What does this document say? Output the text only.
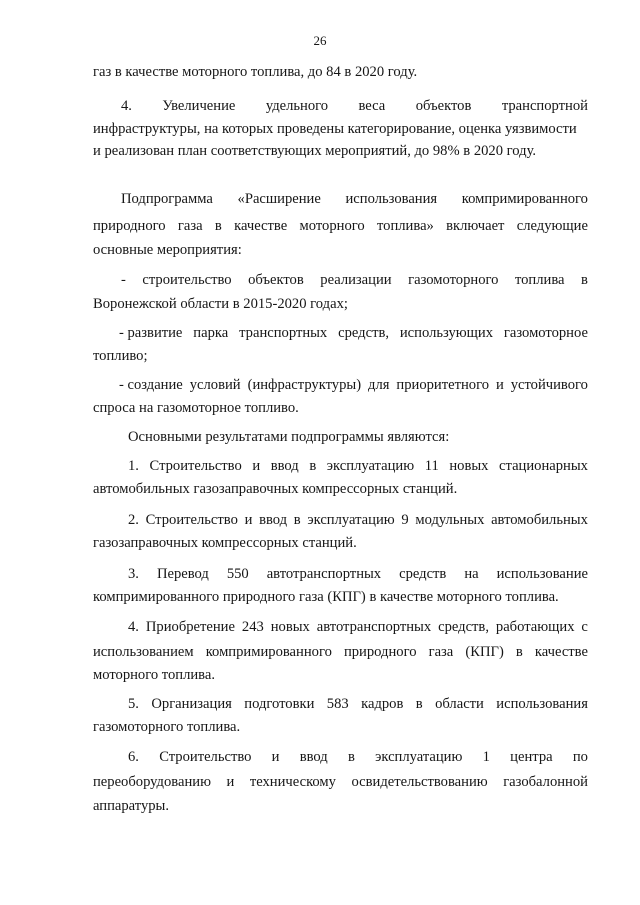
26
газ в качестве моторного топлива, до 84 в 2020 году.
4. Увеличение удельного веса объектов транспортной
инфраструктуры, на которых проведены категорирование, оценка уязвимости
и реализован план соответствующих мероприятий, до 98% в 2020 году.
Подпрограмма «Расширение использования компримированного
природного газа в качестве моторного топлива» включает следующие
основные мероприятия:
- строительство объектов реализации газомоторного топлива в
Воронежской области в 2015-2020 годах;
- развитие парка транспортных средств, использующих газомоторное
топливо;
- создание условий (инфраструктуры) для приоритетного и устойчивого
спроса на газомоторное топливо.
Основными результатами подпрограммы являются:
1. Строительство и ввод в эксплуатацию 11 новых стационарных
автомобильных газозаправочных компрессорных станций.
2. Строительство и ввод в эксплуатацию 9 модульных автомобильных
газозаправочных компрессорных станций.
3. Перевод 550 автотранспортных средств на использование
компримированного природного газа (КПГ) в качестве моторного топлива.
4. Приобретение 243 новых автотранспортных средств, работающих с
использованием компримированного природного газа (КПГ) в качестве
моторного топлива.
5. Организация подготовки 583 кадров в области использования
газомоторного топлива.
6. Строительство и ввод в эксплуатацию 1 центра по
переоборудованию и техническому освидетельствованию газобалонной
аппаратуры.
